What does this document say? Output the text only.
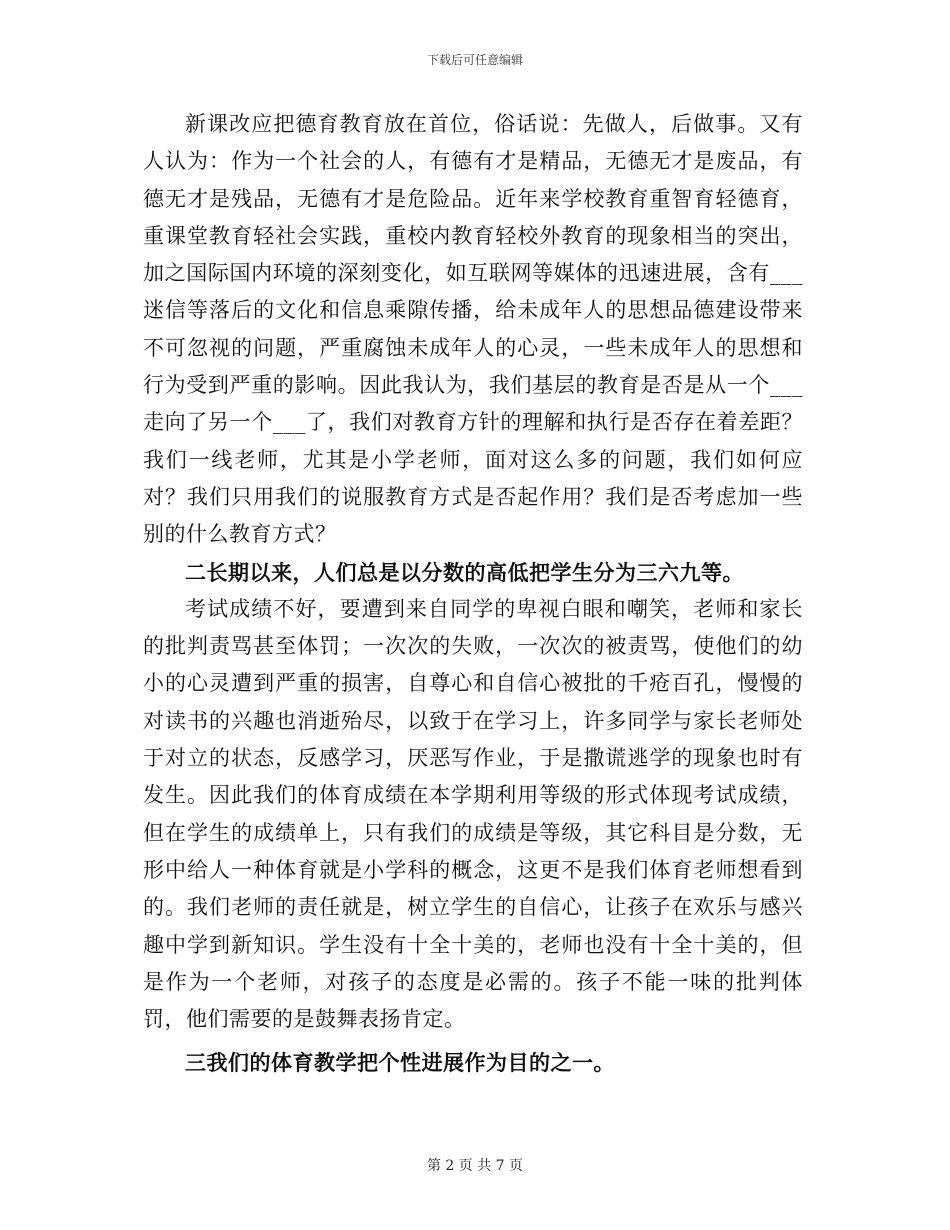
下载后可任意编辑

新课改应把德育教育放在首位，俗话说：先做人，后做事。又有人认为：作为一个社会的人，有德有才是精品，无德无才是废品，有德无才是残品，无德有才是危险品。近年来学校教育重智育轻德育，重课堂教育轻社会实践，重校内教育轻校外教育的现象相当的突出，加之国际国内环境的深刻变化，如互联网等媒体的迅速进展，含有___迷信等落后的文化和信息乘隙传播，给未成年人的思想品德建设带来不可忽视的问题，严重腐蚀未成年人的心灵，一些未成年人的思想和行为受到严重的影响。因此我认为，我们基层的教育是否是从一个___走向了另一个___了，我们对教育方针的理解和执行是否存在着差距？我们一线老师，尤其是小学老师，面对这么多的问题，我们如何应对？我们只用我们的说服教育方式是否起作用？我们是否考虑加一些别的什么教育方式？

二长期以来，人们总是以分数的高低把学生分为三六九等。

考试成绩不好，要遭到来自同学的卑视白眼和嘲笑，老师和家长的批判责骂甚至体罚；一次次的失败，一次次的被责骂，使他们的幼小的心灵遭到严重的损害，自尊心和自信心被批的千疮百孔，慢慢的对读书的兴趣也消逝殆尽，以致于在学习上，许多同学与家长老师处于对立的状态，反感学习，厌恶写作业，于是撒谎逃学的现象也时有发生。因此我们的体育成绩在本学期利用等级的形式体现考试成绩，但在学生的成绩单上，只有我们的成绩是等级，其它科目是分数，无形中给人一种体育就是小学科的概念，这更不是我们体育老师想看到的。我们老师的责任就是，树立学生的自信心，让孩子在欢乐与感兴趣中学到新知识。学生没有十全十美的，老师也没有十全十美的，但是作为一个老师，对孩子的态度是必需的。孩子不能一味的批判体罚，他们需要的是鼓舞表扬肯定。

三我们的体育教学把个性进展作为目的之一。

第 2 页 共 7 页
